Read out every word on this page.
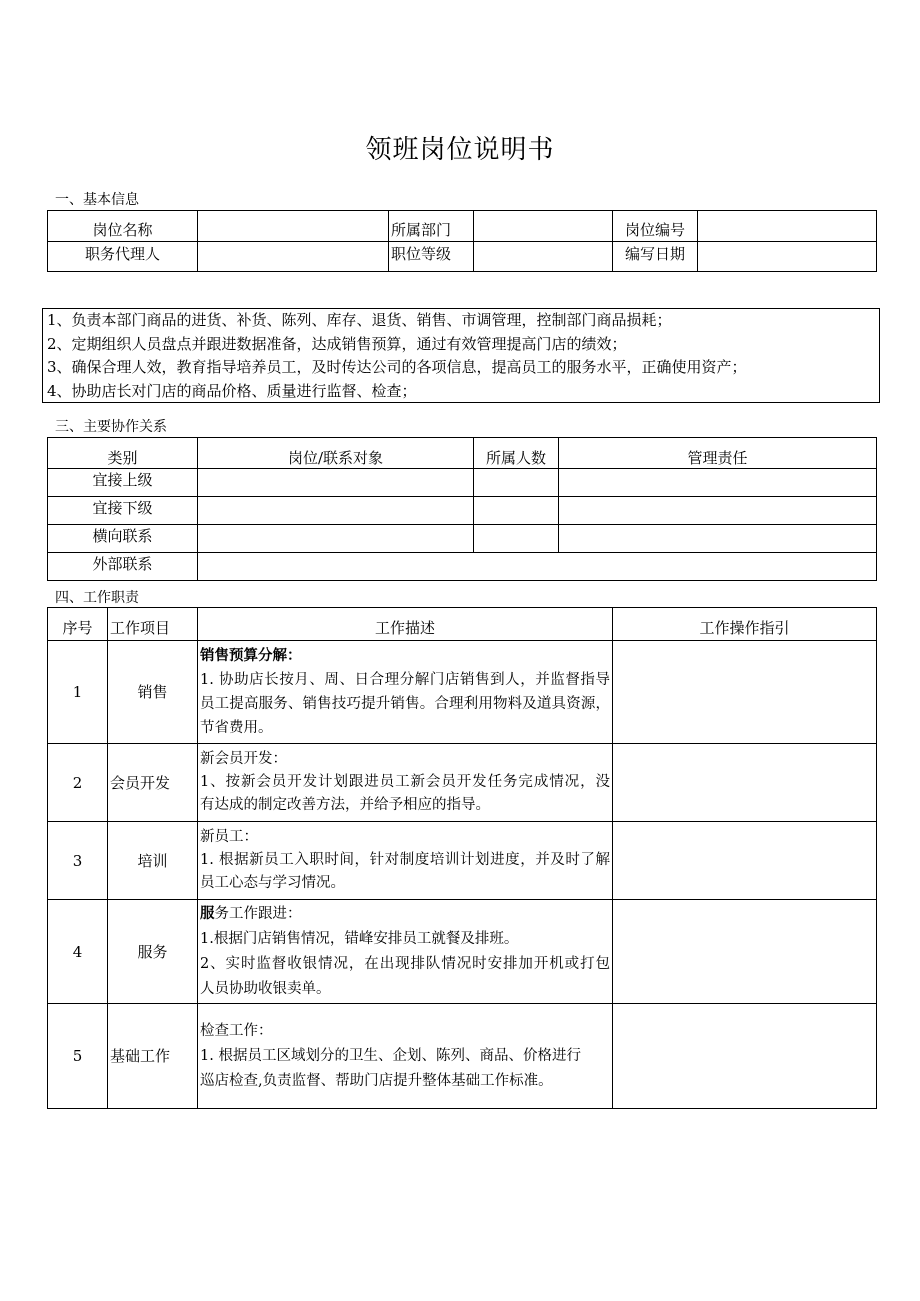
领班岗位说明书
一、基本信息
岗位名称		所属部门		岗位编号	
职务代理人		职位等级		编写日期	
1、负责本部门商品的进货、补货、陈列、库存、退货、销售、市调管理，控制部门商品损耗；
2、定期组织人员盘点并跟进数据准备，达成销售预算，通过有效管理提高门店的绩效；
3、确保合理人效，教育指导培养员工，及时传达公司的各项信息，提高员工的服务水平，正确使用资产；
4、协助店长对门店的商品价格、质量进行监督、检查；
三、主要协作关系
类别	岗位/联系对象	所属人数	管理责任
宜接上级			
宜接下级			
横向联系			
外部联系			
四、工作职责
序号	工作项目	工作描述	工作操作指引
1	销售	销售预算分解：
1. 协助店长按月、周、日合理分解门店销售到人，并监督指导
员工提高服务、销售技巧提升销售。合理利用物料及道具资源，
节省费用。	

2	会员开发	新会员开发：
1、按新会员开发计划跟进员工新会员开发任务完成情况，没
有达成的制定改善方法，并给予相应的指导。	

3	培训	新员工：
1. 根据新员工入职时间，针对制度培训计划进度，并及时了解
员工心态与学习情况。	

4	服务	服务工作跟进：
1.根据门店销售情况，错峰安排员工就餐及排班。
2、实时监督收银情况，在出现排队情况时安排加开机或打包
人员协助收银卖单。	

5	基础工作	检查工作：
1. 根据员工区域划分的卫生、企划、陈列、商品、价格进行
巡店检查,负责监督、帮助门店提升整体基础工作标准。	
